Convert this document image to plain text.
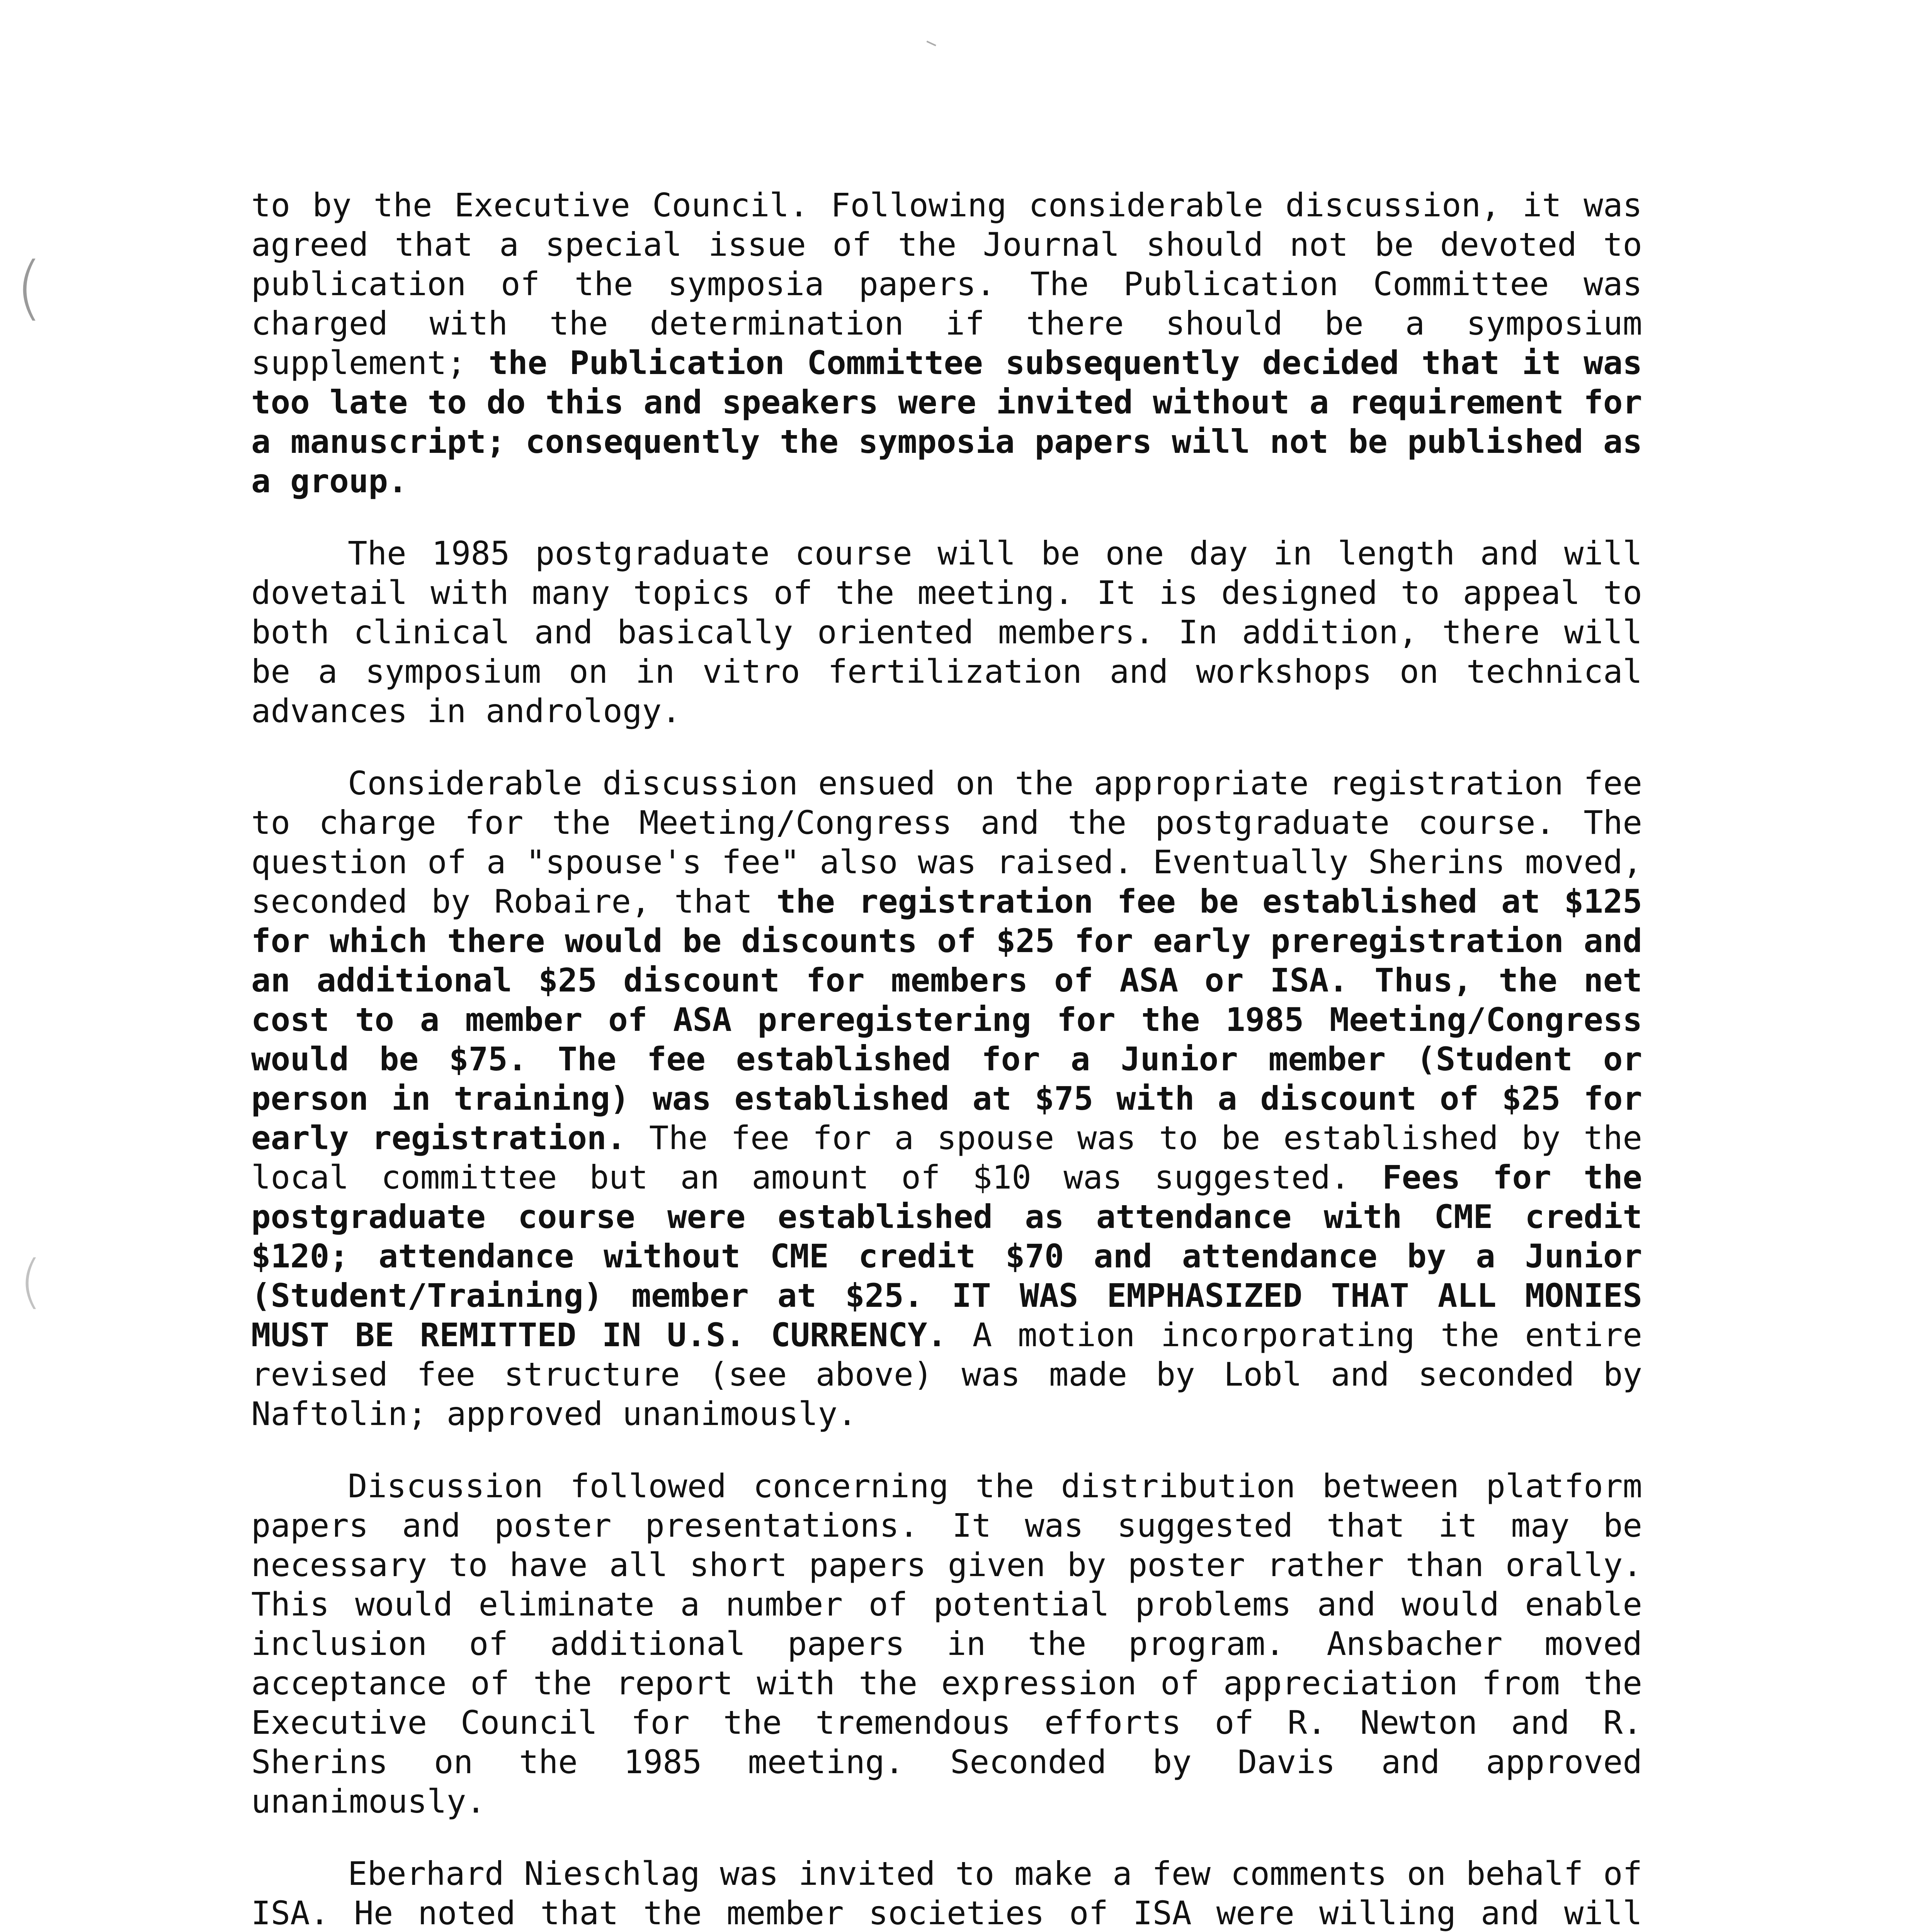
(
(

to by the Executive Council. Following considerable discussion, it was agreed that a special issue of the Journal should not be devoted to publication of the symposia papers. The Publication Committee was charged with the determination if there should be a symposium supplement; the Publication Committee subsequently decided that it was too late to do this and speakers were invited without a requirement for a manuscript; consequently the symposia papers will not be published as a group.

The 1985 postgraduate course will be one day in length and will dovetail with many topics of the meeting. It is designed to appeal to both clinical and basically oriented members. In addition, there will be a symposium on in vitro fertilization and workshops on technical advances in andrology.

Considerable discussion ensued on the appropriate registration fee to charge for the Meeting/Congress and the postgraduate course. The question of a "spouse's fee" also was raised. Eventually Sherins moved, seconded by Robaire, that the registration fee be established at $125 for which there would be discounts of $25 for early preregistration and an additional $25 discount for members of ASA or ISA. Thus, the net cost to a member of ASA preregistering for the 1985 Meeting/Congress would be $75. The fee established for a Junior member (Student or person in training) was established at $75 with a discount of $25 for early registration. The fee for a spouse was to be established by the local committee but an amount of $10 was suggested. Fees for the postgraduate course were established as attendance with CME credit $120; attendance without CME credit $70 and attendance by a Junior (Student/Training) member at $25. IT WAS EMPHASIZED THAT ALL MONIES MUST BE REMITTED IN U.S. CURRENCY. A motion incorporating the entire revised fee structure (see above) was made by Lobl and seconded by Naftolin; approved unanimously.

Discussion followed concerning the distribution between platform papers and poster presentations. It was suggested that it may be necessary to have all short papers given by poster rather than orally. This would eliminate a number of potential problems and would enable inclusion of additional papers in the program. Ansbacher moved acceptance of the report with the expression of appreciation from the Executive Council for the tremendous efforts of R. Newton and R. Sherins on the 1985 meeting. Seconded by Davis and approved unanimously.

Eberhard Nieschlag was invited to make a few comments on behalf of ISA. He noted that the member societies of ISA were willing and will
